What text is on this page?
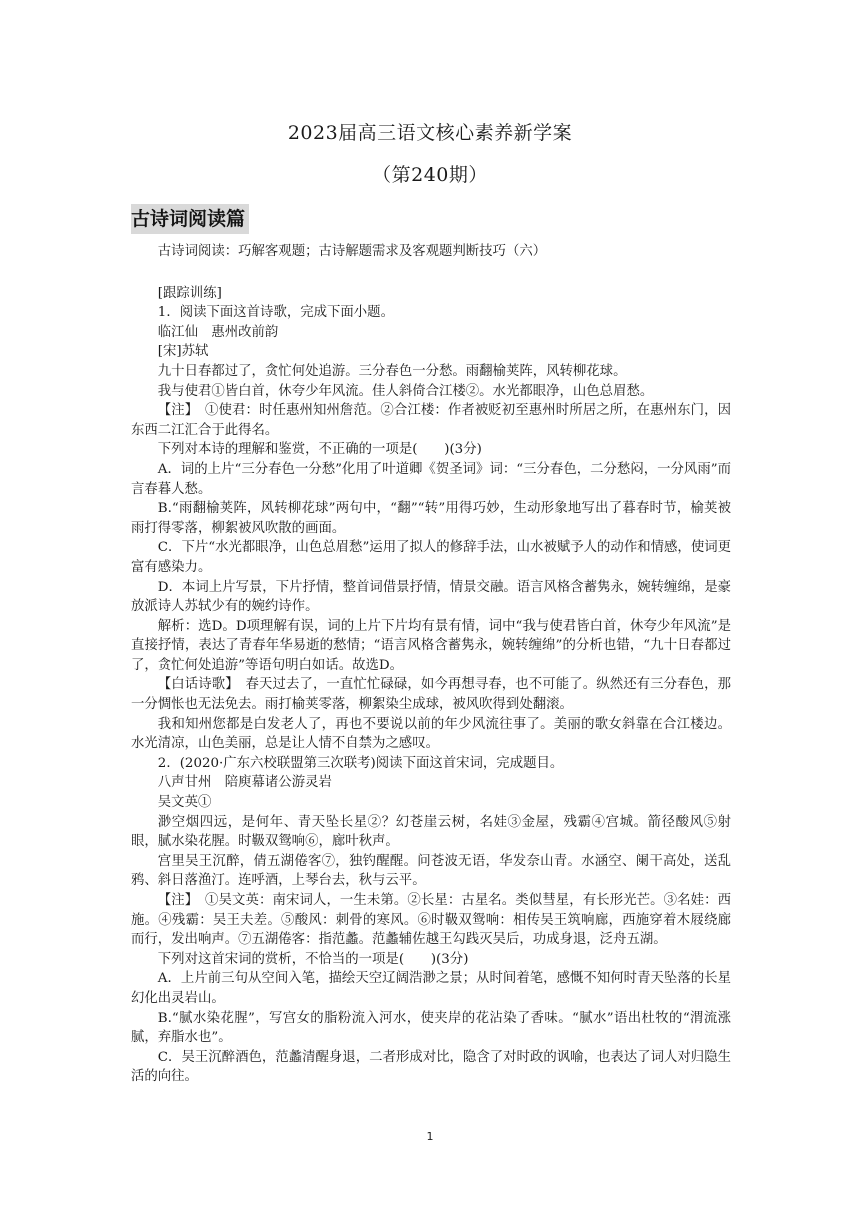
2023届高三语文核心素养新学案
（第240期）
古诗词阅读篇

古诗词阅读：巧解客观题；古诗解题需求及客观题判断技巧（六）

[跟踪训练]

1．阅读下面这首诗歌，完成下面小题。

临江仙　惠州改前韵

[宋]苏轼

九十日春都过了，贪忙何处追游。三分春色一分愁。雨翻榆荚阵，风转柳花球。

我与使君①皆白首，休夸少年风流。佳人斜倚合江楼②。水光都眼净，山色总眉愁。

【注】　①使君：时任惠州知州詹范。②合江楼：作者被贬初至惠州时所居之所，在惠州东门，因东西二江汇合于此得名。

下列对本诗的理解和鉴赏，不正确的一项是(　　)(3分)

A．词的上片“三分春色一分愁”化用了叶道卿《贺圣词》词：“三分春色，二分愁闷，一分风雨”而言春暮人愁。

B.“雨翻榆荚阵，风转柳花球”两句中，“翻”“转”用得巧妙，生动形象地写出了暮春时节，榆荚被雨打得零落，柳絮被风吹散的画面。

C．下片“水光都眼净，山色总眉愁”运用了拟人的修辞手法，山水被赋予人的动作和情感，使词更富有感染力。

D．本词上片写景，下片抒情，整首词借景抒情，情景交融。语言风格含蓄隽永，婉转缠绵，是豪放派诗人苏轼少有的婉约诗作。

解析：选D。D项理解有误，词的上片下片均有景有情，词中“我与使君皆白首，休夸少年风流”是直接抒情，表达了青春年华易逝的愁情；“语言风格含蓄隽永，婉转缠绵”的分析也错，“九十日春都过了，贪忙何处追游”等语句明白如话。故选D。

【白话诗歌】　春天过去了，一直忙忙碌碌，如今再想寻春，也不可能了。纵然还有三分春色，那一分惆怅也无法免去。雨打榆荚零落，柳絮染尘成球，被风吹得到处翻滚。

我和知州您都是白发老人了，再也不要说以前的年少风流往事了。美丽的歌女斜靠在合江楼边。水光清凉，山色美丽，总是让人情不自禁为之感叹。

2．(2020·广东六校联盟第三次联考)阅读下面这首宋词，完成题目。

八声甘州　陪庾幕诸公游灵岩

吴文英①

渺空烟四远，是何年、青天坠长星②？幻苍崖云树，名娃③金屋，残霸④宫城。箭径酸风⑤射眼，腻水染花腥。时靸双鸳响⑥，廊叶秋声。

宫里吴王沉醉，倩五湖倦客⑦，独钓醒醒。问苍波无语，华发奈山青。水涵空、阑干高处，送乱鸦、斜日落渔汀。连呼酒，上琴台去，秋与云平。

【注】　①吴文英：南宋词人，一生未第。②长星：古星名。类似彗星，有长形光芒。③名娃：西施。④残霸：吴王夫差。⑤酸风：刺骨的寒风。⑥时靸双鸳响：相传吴王筑响廊，西施穿着木屐绕廊而行，发出响声。⑦五湖倦客：指范蠡。范蠡辅佐越王勾践灭吴后，功成身退，泛舟五湖。

下列对这首宋词的赏析，不恰当的一项是(　　)(3分)

A．上片前三句从空间入笔，描绘天空辽阔浩渺之景；从时间着笔，感慨不知何时青天坠落的长星幻化出灵岩山。

B.“腻水染花腥”，写宫女的脂粉流入河水，使夹岸的花沾染了香味。“腻水”语出杜牧的“渭流涨腻，弃脂水也”。

C．吴王沉醉酒色，范蠡清醒身退，二者形成对比，隐含了对时政的讽喻，也表达了词人对归隐生活的向往。

1
